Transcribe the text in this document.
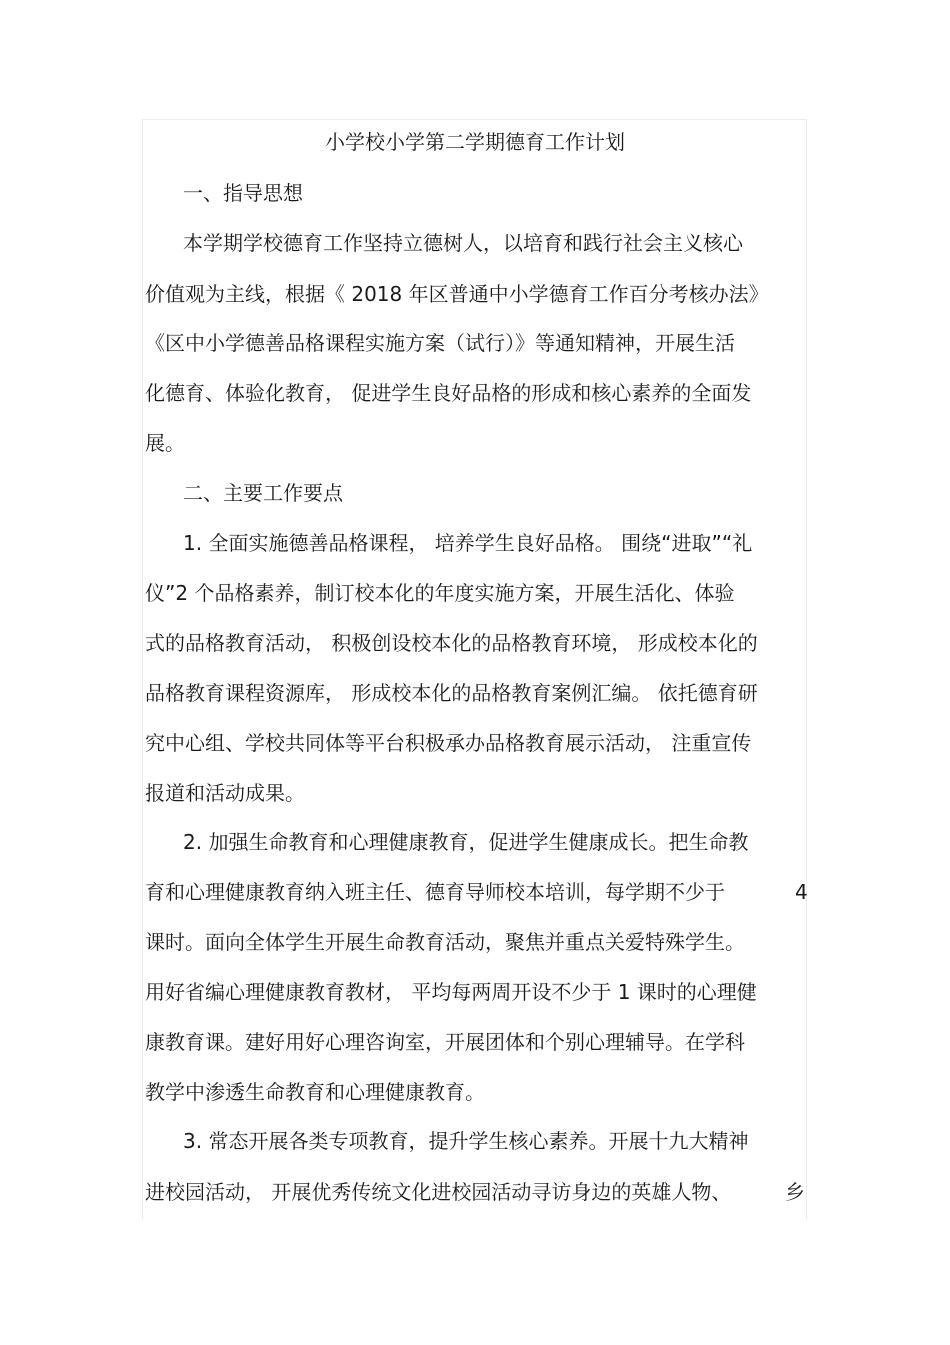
小学校小学第二学期德育工作计划
一、指导思想
本学期学校德育工作坚持立德树人，以培育和践行社会主义核心
价值观为主线，根据《 2018 年区普通中小学德育工作百分考核办法》
《区中小学德善品格课程实施方案（试行）》等通知精神，开展生活
化德育、体验化教育， 促进学生良好品格的形成和核心素养的全面发
展。
二、主要工作要点
1. 全面实施德善品格课程， 培养学生良好品格。 围绕“进取”“礼
仪”2 个品格素养，制订校本化的年度实施方案，开展生活化、体验
式的品格教育活动， 积极创设校本化的品格教育环境， 形成校本化的
品格教育课程资源库， 形成校本化的品格教育案例汇编。 依托德育研
究中心组、学校共同体等平台积极承办品格教育展示活动， 注重宣传
报道和活动成果。
2. 加强生命教育和心理健康教育，促进学生健康成长。把生命教
育和心理健康教育纳入班主任、德育导师校本培训，每学期不少于	4
课时。面向全体学生开展生命教育活动，聚焦并重点关爱特殊学生。
用好省编心理健康教育教材， 平均每两周开设不少于 1 课时的心理健
康教育课。建好用好心理咨询室，开展团体和个别心理辅导。在学科
教学中渗透生命教育和心理健康教育。
3. 常态开展各类专项教育，提升学生核心素养。开展十九大精神
进校园活动， 开展优秀传统文化进校园活动寻访身边的英雄人物、	乡
